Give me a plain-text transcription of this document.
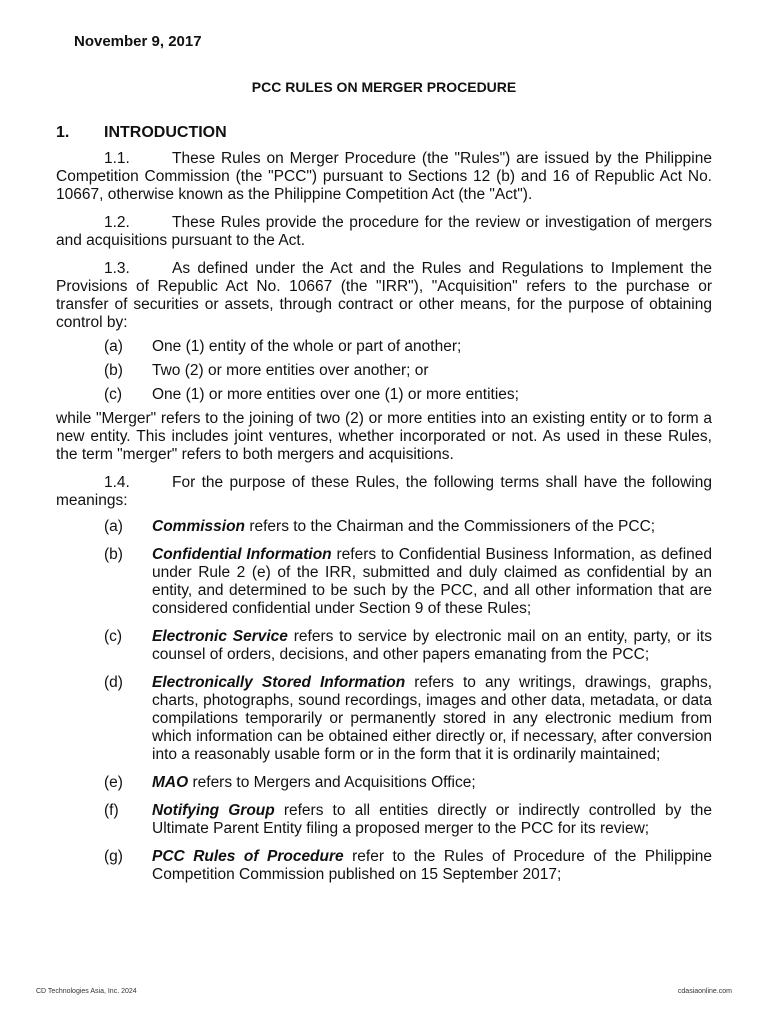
November 9, 2017
PCC RULES ON MERGER PROCEDURE
1. INTRODUCTION

1.1.	These Rules on Merger Procedure (the "Rules") are issued by the Philippine Competition Commission (the "PCC") pursuant to Sections 12 (b) and 16 of Republic Act No. 10667, otherwise known as the Philippine Competition Act (the "Act").

1.2.	These Rules provide the procedure for the review or investigation of mergers and acquisitions pursuant to the Act.

1.3.	As defined under the Act and the Rules and Regulations to Implement the Provisions of Republic Act No. 10667 (the "IRR"), "Acquisition" refers to the purchase or transfer of securities or assets, through contract or other means, for the purpose of obtaining control by:

(a) One (1) entity of the whole or part of another;
(b) Two (2) or more entities over another; or
(c) One (1) or more entities over one (1) or more entities;

while "Merger" refers to the joining of two (2) or more entities into an existing entity or to form a new entity. This includes joint ventures, whether incorporated or not. As used in these Rules, the term "merger" refers to both mergers and acquisitions.

1.4.	For the purpose of these Rules, the following terms shall have the following meanings:

(a) Commission refers to the Chairman and the Commissioners of the PCC;
(b) Confidential Information refers to Confidential Business Information, as defined under Rule 2 (e) of the IRR, submitted and duly claimed as confidential by an entity, and determined to be such by the PCC, and all other information that are considered confidential under Section 9 of these Rules;
(c) Electronic Service refers to service by electronic mail on an entity, party, or its counsel of orders, decisions, and other papers emanating from the PCC;
(d) Electronically Stored Information refers to any writings, drawings, graphs, charts, photographs, sound recordings, images and other data, metadata, or data compilations temporarily or permanently stored in any electronic medium from which information can be obtained either directly or, if necessary, after conversion into a reasonably usable form or in the form that it is ordinarily maintained;
(e) MAO refers to Mergers and Acquisitions Office;
(f) Notifying Group refers to all entities directly or indirectly controlled by the Ultimate Parent Entity filing a proposed merger to the PCC for its review;
(g) PCC Rules of Procedure refer to the Rules of Procedure of the Philippine Competition Commission published on 15 September 2017;
CD Technologies Asia, Inc. 2024	cdasiaonline.com
